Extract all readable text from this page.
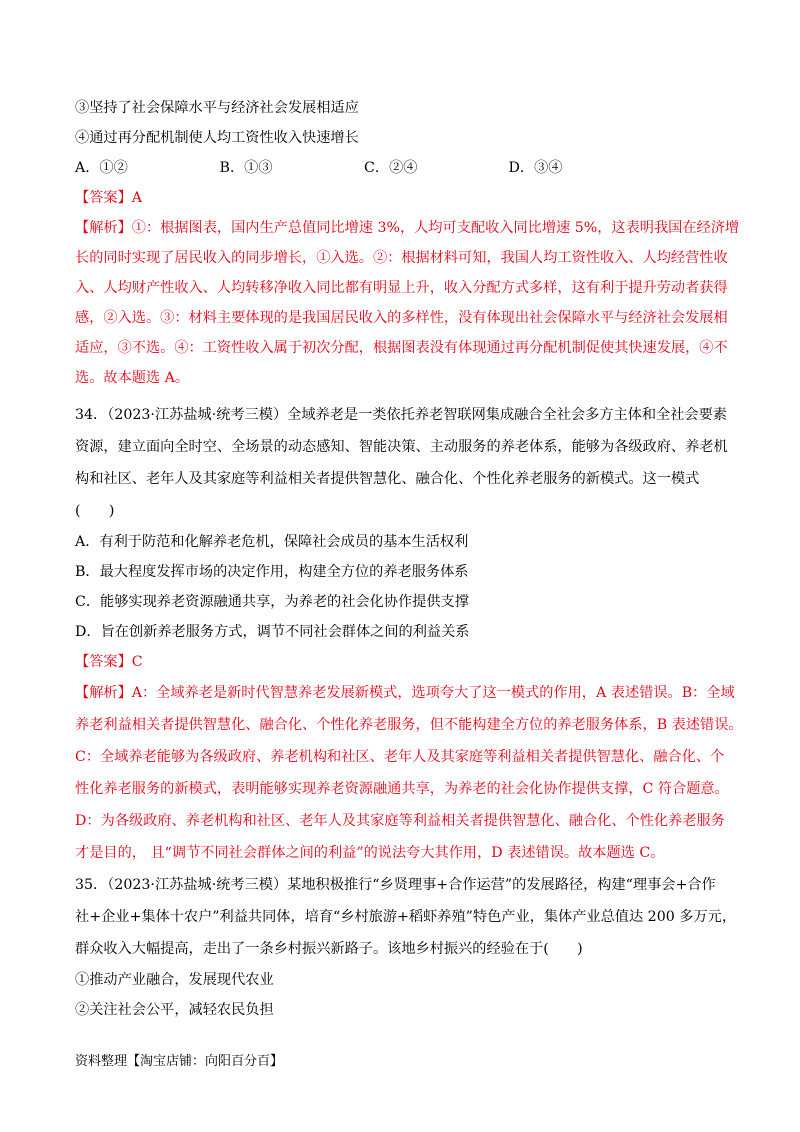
③坚持了社会保障水平与经济社会发展相适应
④通过再分配机制使人均工资性收入快速增长
A．①②	B．①③	C．②④	D．③④
【答案】A
【解析】①：根据图表，国内生产总值同比增速 3%，人均可支配收入同比增速 5%，这表明我国在经济增
长的同时实现了居民收入的同步增长，①入选。②：根据材料可知，我国人均工资性收入、人均经营性收
入、人均财产性收入、人均转移净收入同比都有明显上升，收入分配方式多样，这有利于提升劳动者获得
感，②入选。③：材料主要体现的是我国居民收入的多样性，没有体现出社会保障水平与经济社会发展相
适应，③不选。④：工资性收入属于初次分配，根据图表没有体现通过再分配机制促使其快速发展，④不
选。故本题选 A。
34．（2023·江苏盐城·统考三模）全域养老是一类依托养老智联网集成融合全社会多方主体和全社会要素
资源，建立面向全时空、全场景的动态感知、智能决策、主动服务的养老体系，能够为各级政府、养老机
构和社区、老年人及其家庭等利益相关者提供智慧化、融合化、个性化养老服务的新模式。这一模式
(　　)
A．有利于防范和化解养老危机，保障社会成员的基本生活权利
B．最大程度发挥市场的决定作用，构建全方位的养老服务体系
C．能够实现养老资源融通共享，为养老的社会化协作提供支撑
D．旨在创新养老服务方式，调节不同社会群体之间的利益关系
【答案】C
【解析】A：全域养老是新时代智慧养老发展新模式，选项夸大了这一模式的作用，A 表述错误。B：全域
养老利益相关者提供智慧化、融合化、个性化养老服务，但不能构建全方位的养老服务体系，B 表述错误。
C：全域养老能够为各级政府、养老机构和社区、老年人及其家庭等利益相关者提供智慧化、融合化、个
性化养老服务的新模式，表明能够实现养老资源融通共享，为养老的社会化协作提供支撑，C 符合题意。
D：为各级政府、养老机构和社区、老年人及其家庭等利益相关者提供智慧化、融合化、个性化养老服务
才是目的， 且“调节不同社会群体之间的利益”的说法夸大其作用，D 表述错误。故本题选 C。
35．（2023·江苏盐城·统考三模）某地积极推行“乡贤理事+合作运营”的发展路径，构建“理事会+合作
社+企业+集体十农户”利益共同体，培育“乡村旅游+稻虾养殖”特色产业，集体产业总值达 200 多万元，
群众收入大幅提高，走出了一条乡村振兴新路子。该地乡村振兴的经验在于(　　)
①推动产业融合，发展现代农业
②关注社会公平，减轻农民负担
资料整理【淘宝店铺：向阳百分百】
